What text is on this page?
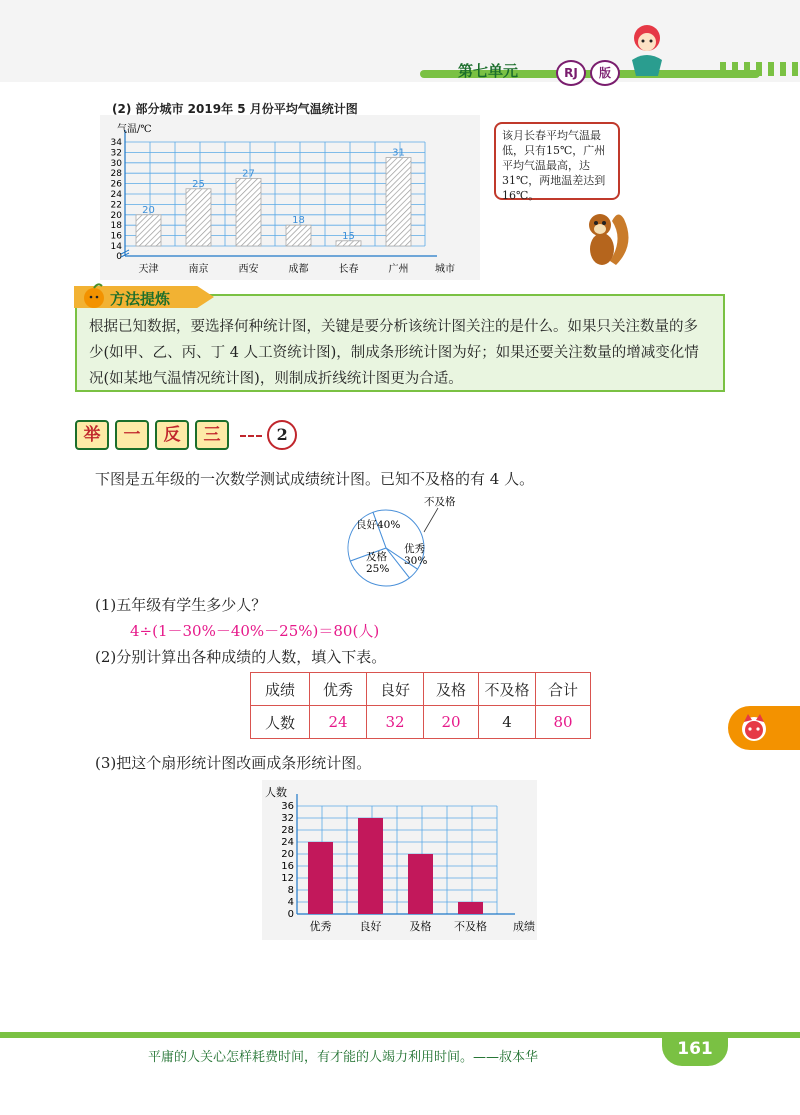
第七单元	RJ	版
(2) 部分城市 2019年 5 月份平均气温统计图
0
14
16
18
20
22
24
26
28
30
32
34
20
天津
25
南京
27
西安
18
成都
15
长春
31
广州
气温/℃
城市
该月长春平均气温最低，只有15℃，广州平均气温最高，达31℃，两地温差达到16℃。
根据已知数据，要选择何种统计图，关键是要分析该统计图关注的是什么。如果只关注数量的多少(如甲、乙、丙、丁 4 人工资统计图)，制成条形统计图为好；如果还要关注数量的增减变化情况(如某地气温情况统计图)，则制成折线统计图更为合适。
方法提炼
举 一 反 三	2
下图是五年级的一次数学测试成绩统计图。已知不及格的有 4 人。
良好40%
优秀
30%
及格
25%
不及格
(1)五年级有学生多少人？
4÷(1－30%－40%－25%)＝80(人)
(2)分别计算出各种成绩的人数，填入下表。
成绩	优秀	良好	及格	不及格	合计
人数	24	32	20	4	80
(3)把这个扇形统计图改画成条形统计图。
0
4
8
12
16
20
24
28
32
36
优秀	良好	及格 不及格
人数
成绩
平庸的人关心怎样耗费时间，有才能的人竭力利用时间。——叔本华	161
